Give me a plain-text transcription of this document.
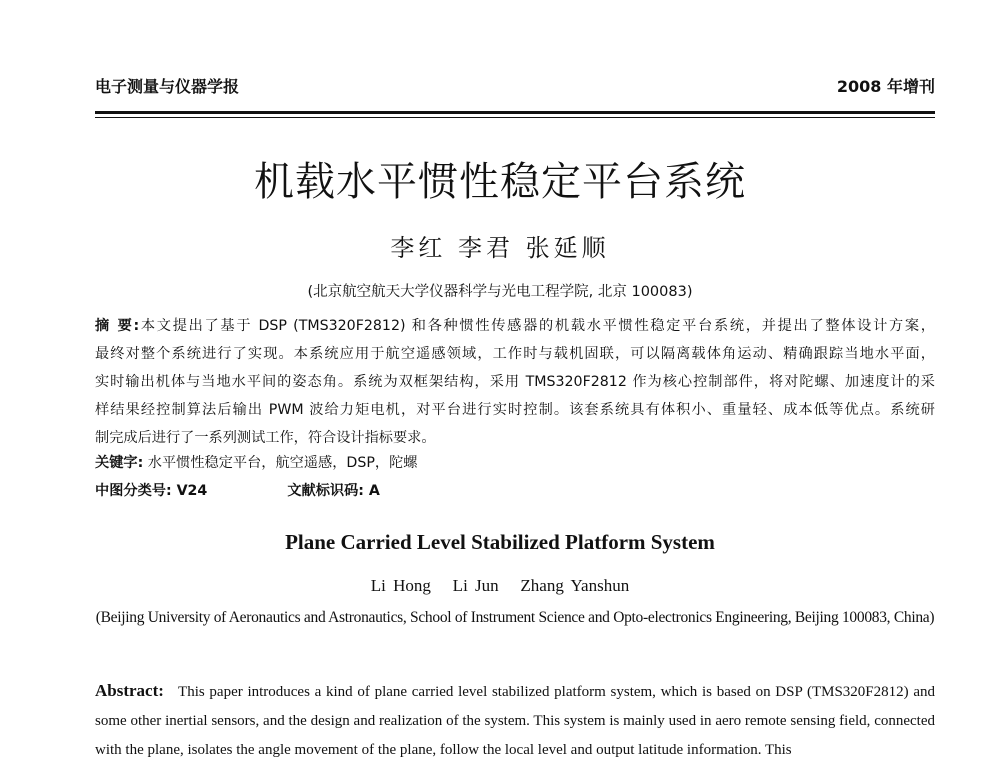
电子测量与仪器学报	2008 年增刊
机载水平惯性稳定平台系统
李红 李君 张延顺
(北京航空航天大学仪器科学与光电工程学院, 北京 100083)
摘 要:本文提出了基于 DSP (TMS320F2812) 和各种惯性传感器的机载水平惯性稳定平台系统，并提出了整体设计方案，
最终对整个系统进行了实现。本系统应用于航空遥感领域，工作时与载机固联，可以隔离载体角运动、精确跟踪当地水平面，
实时输出机体与当地水平间的姿态角。系统为双框架结构，采用 TMS320F2812 作为核心控制部件，将对陀螺、加速度计的采
样结果经控制算法后输出 PWM 波给力矩电机，对平台进行实时控制。该套系统具有体积小、重量轻、成本低等优点。系统研
制完成后进行了一系列测试工作，符合设计指标要求。
关键字: 水平惯性稳定平台，航空遥感，DSP，陀螺
中图分类号: V24	文献标识码: A
Plane Carried Level Stabilized Platform System
Li Hong   Li Jun   Zhang Yanshun
(Beijing University of Aeronautics and Astronautics, School of Instrument Science and Opto-electronics Engineering, Beijing 100083, China)
Abstract: This paper introduces a kind of plane carried level stabilized platform system, which is based on DSP (TMS320F2812) and some other inertial sensors, and the design and realization of the system. This system is mainly used in aero remote sensing field, connected with the plane, isolates the angle movement of the plane, follow the local level and output latitude information. This
